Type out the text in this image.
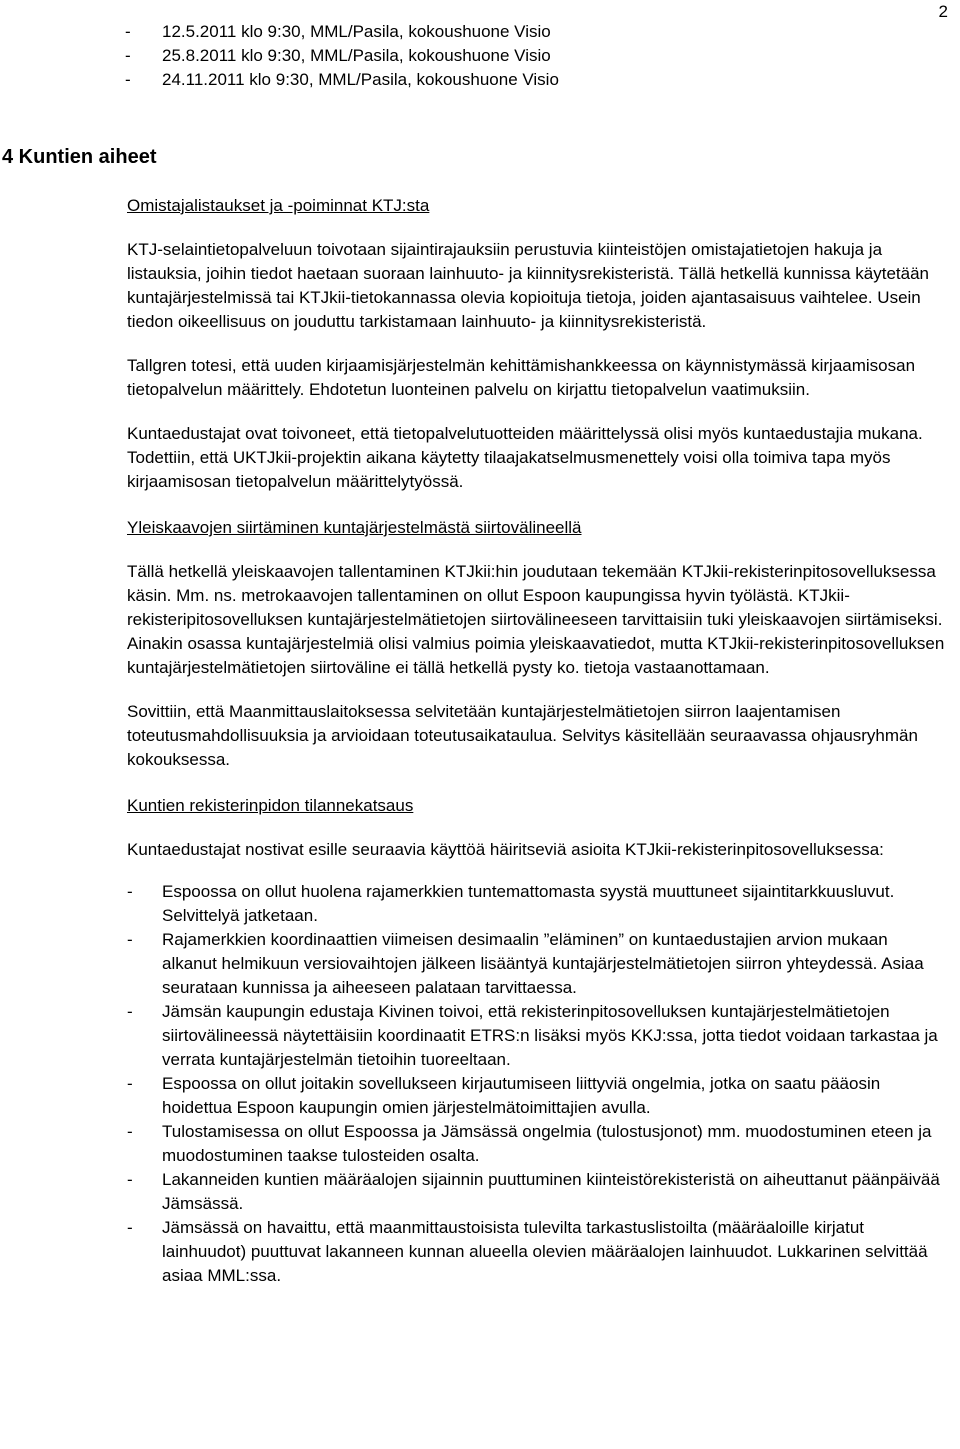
2
- 12.5.2011 klo 9:30, MML/Pasila, kokoushuone Visio
- 25.8.2011 klo 9:30, MML/Pasila, kokoushuone Visio
- 24.11.2011 klo 9:30, MML/Pasila, kokoushuone Visio
4 Kuntien aiheet
Omistajalistaukset ja -poiminnat KTJ:sta

KTJ-selaintietopalveluun toivotaan sijaintirajauksiin perustuvia kiinteistöjen omistajatietojen hakuja ja listauksia, joihin tiedot haetaan suoraan lainhuuto- ja kiinnitysrekisteristä. Tällä hetkellä kunnissa käytetään kuntajärjestelmissä tai KTJkii-tietokannassa olevia kopioituja tietoja, joiden ajantasaisuus vaihtelee. Usein tiedon oikeellisuus on jouduttu tarkistamaan lainhuuto- ja kiinnitysrekisteristä.

Tallgren totesi, että uuden kirjaamisjärjestelmän kehittämishankkeessa on käynnistymässä kirjaamisosan tietopalvelun määrittely. Ehdotetun luonteinen palvelu on kirjattu tietopalvelun vaatimuksiin.

Kuntaedustajat ovat toivoneet, että tietopalvelutuotteiden määrittelyssä olisi myös kuntaedustajia mukana. Todettiin, että UKTJkii-projektin aikana käytetty tilaajakatselmusmenettely voisi olla toimiva tapa myös kirjaamisosan tietopalvelun määrittelytyössä.

Yleiskaavojen siirtäminen kuntajärjestelmästä siirtovälineellä

Tällä hetkellä yleiskaavojen tallentaminen KTJkii:hin joudutaan tekemään KTJkii-rekisterinpitosovelluksessa käsin. Mm. ns. metrokaavojen tallentaminen on ollut Espoon kaupungissa hyvin työlästä. KTJkii-rekisteripitosovelluksen kuntajärjestelmätietojen siirtovälineeseen tarvittaisiin tuki yleiskaavojen siirtämiseksi. Ainakin osassa kuntajärjestelmiä olisi valmius poimia yleiskaavatiedot, mutta KTJkii-rekisterinpitosovelluksen kuntajärjestelmätietojen siirtoväline ei tällä hetkellä pysty ko. tietoja vastaanottamaan.

Sovittiin, että Maanmittauslaitoksessa selvitetään kuntajärjestelmätietojen siirron laajentamisen toteutusmahdollisuuksia ja arvioidaan toteutusaikataulua. Selvitys käsitellään seuraavassa ohjausryhmän kokouksessa.

Kuntien rekisterinpidon tilannekatsaus

Kuntaedustajat nostivat esille seuraavia käyttöä häiritseviä asioita KTJkii-rekisterinpitosovelluksessa:

- Espoossa on ollut huolena rajamerkkien tuntemattomasta syystä muuttuneet sijaintitarkkuusluvut. Selvittelyä jatketaan.
- Rajamerkkien koordinaattien viimeisen desimaalin ”eläminen” on kuntaedustajien arvion mukaan alkanut helmikuun versiovaihtojen jälkeen lisääntyä kuntajärjestelmätietojen siirron yhteydessä. Asiaa seurataan kunnissa ja aiheeseen palataan tarvittaessa.
- Jämsän kaupungin edustaja Kivinen toivoi, että rekisterinpitosovelluksen kuntajärjestelmätietojen siirtovälineessä näytettäisiin koordinaatit ETRS:n lisäksi myös KKJ:ssa, jotta tiedot voidaan tarkastaa ja verrata kuntajärjestelmän tietoihin tuoreeltaan.
- Espoossa on ollut joitakin sovellukseen kirjautumiseen liittyviä ongelmia, jotka on saatu pääosin hoidettua Espoon kaupungin omien järjestelmätoimittajien avulla.
- Tulostamisessa on ollut Espoossa ja Jämsässä ongelmia (tulostusjonot) mm. muodostuminen eteen ja muodostuminen taakse tulosteiden osalta.
- Lakanneiden kuntien määräalojen sijainnin puuttuminen kiinteistörekisteristä on aiheuttanut päänpäivää Jämsässä.
- Jämsässä on havaittu, että maanmittaustoisista tulevilta tarkastuslistoilta (määräaloille kirjatut lainhuudot) puuttuvat lakanneen kunnan alueella olevien määräalojen lainhuudot. Lukkarinen selvittää asiaa MML:ssa.
